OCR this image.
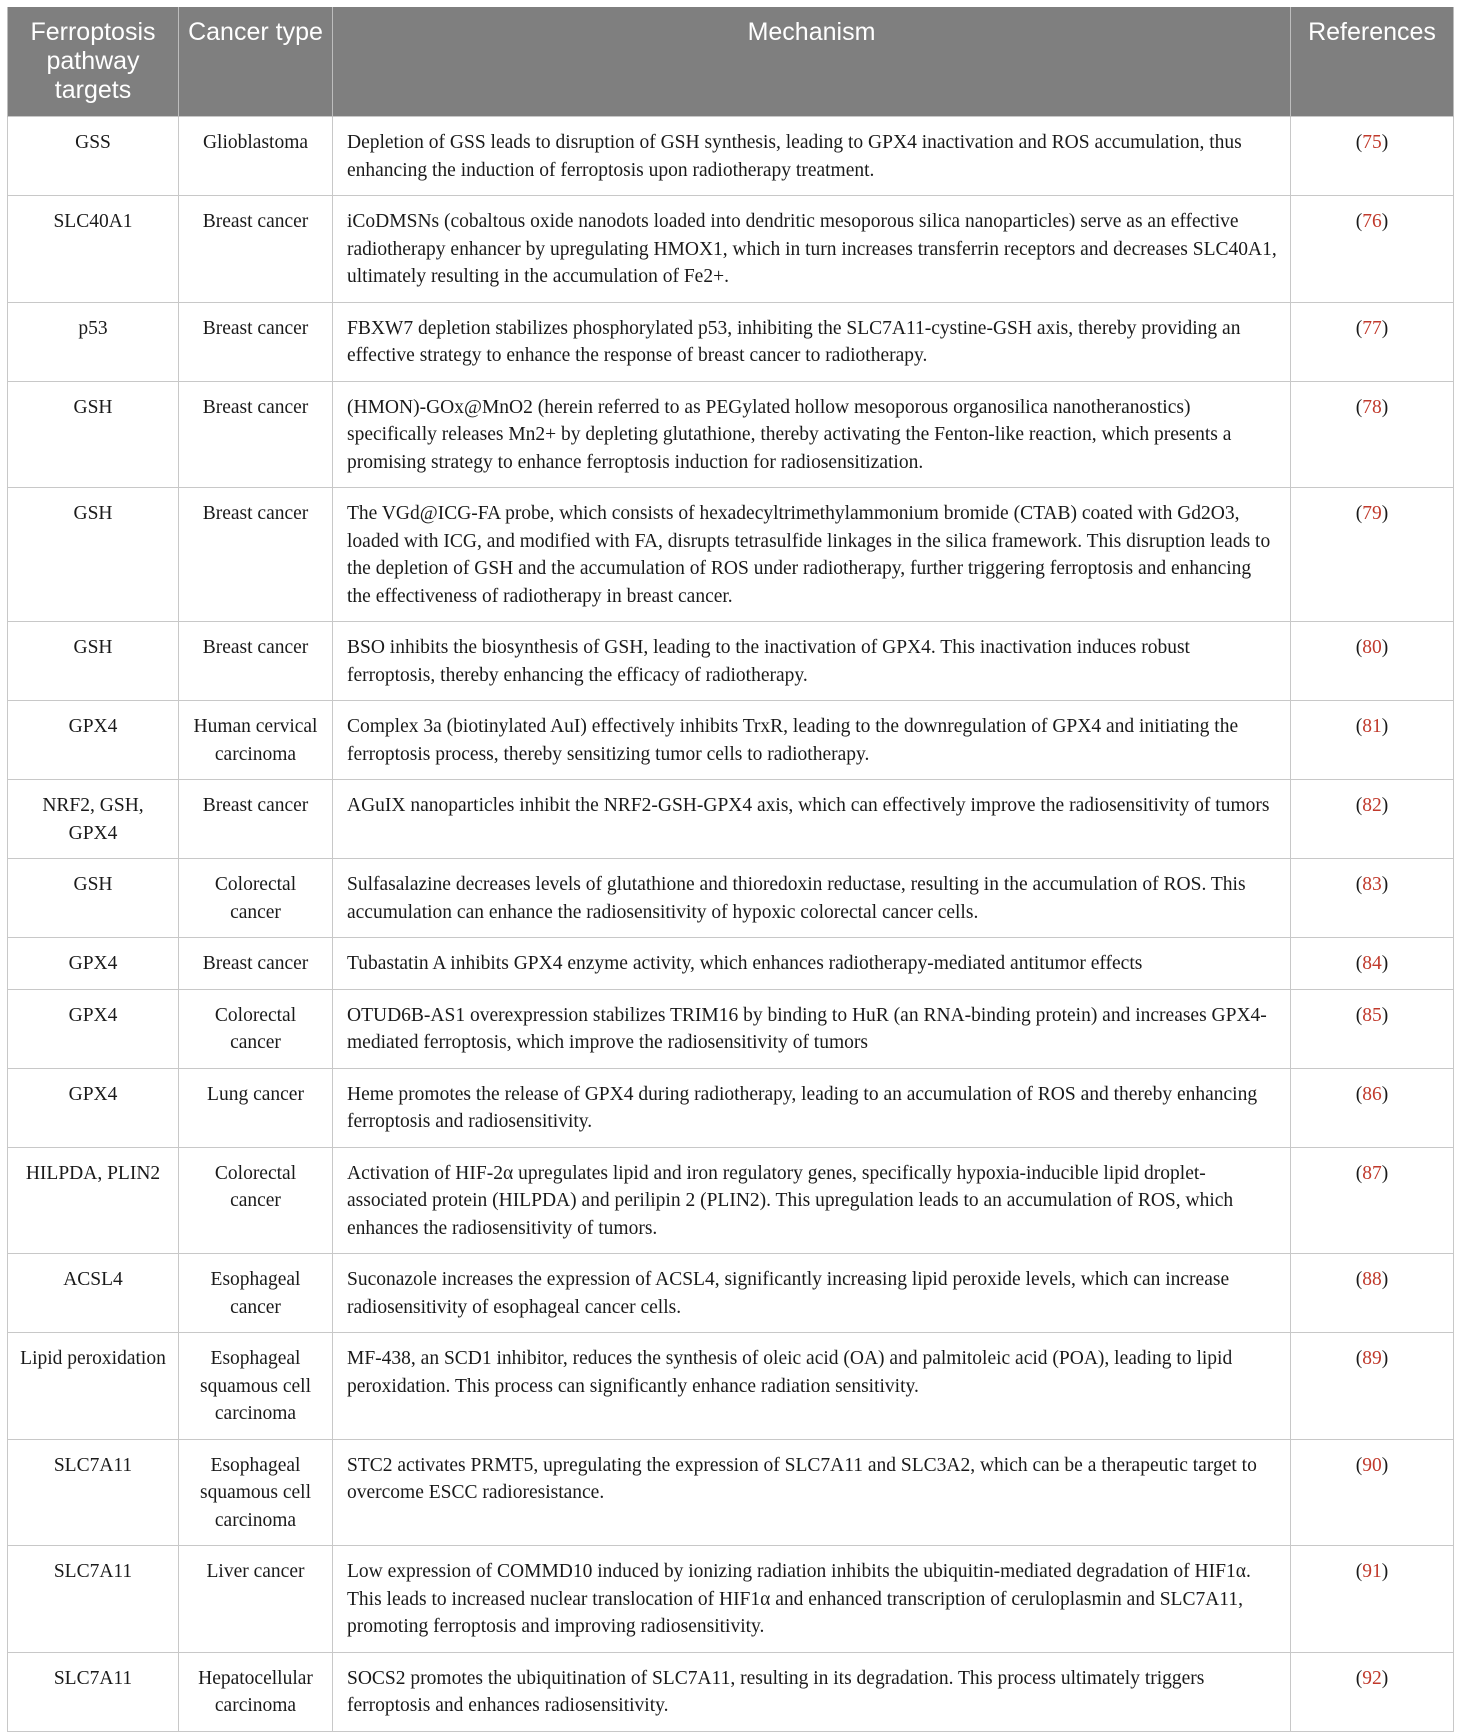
Ferroptosis pathway targets	Cancer type	Mechanism	References
GSS	Glioblastoma	Depletion of GSS leads to disruption of GSH synthesis, leading to GPX4 inactivation and ROS accumulation, thus enhancing the induction of ferroptosis upon radiotherapy treatment.	(75)
SLC40A1	Breast cancer	iCoDMSNs (cobaltous oxide nanodots loaded into dendritic mesoporous silica nanoparticles) serve as an effective radiotherapy enhancer by upregulating HMOX1, which in turn increases transferrin receptors and decreases SLC40A1, ultimately resulting in the accumulation of Fe2+.	(76)
p53	Breast cancer	FBXW7 depletion stabilizes phosphorylated p53, inhibiting the SLC7A11-cystine-GSH axis, thereby providing an effective strategy to enhance the response of breast cancer to radiotherapy.	(77)
GSH	Breast cancer	(HMON)-GOx@MnO2 (herein referred to as PEGylated hollow mesoporous organosilica nanotheranostics) specifically releases Mn2+ by depleting glutathione, thereby activating the Fenton-like reaction, which presents a promising strategy to enhance ferroptosis induction for radiosensitization.	(78)
GSH	Breast cancer	The VGd@ICG-FA probe, which consists of hexadecyltrimethylammonium bromide (CTAB) coated with Gd2O3, loaded with ICG, and modified with FA, disrupts tetrasulfide linkages in the silica framework. This disruption leads to the depletion of GSH and the accumulation of ROS under radiotherapy, further triggering ferroptosis and enhancing the effectiveness of radiotherapy in breast cancer.	(79)
GSH	Breast cancer	BSO inhibits the biosynthesis of GSH, leading to the inactivation of GPX4. This inactivation induces robust ferroptosis, thereby enhancing the efficacy of radiotherapy.	(80)
GPX4	Human cervical carcinoma	Complex 3a (biotinylated AuI) effectively inhibits TrxR, leading to the downregulation of GPX4 and initiating the ferroptosis process, thereby sensitizing tumor cells to radiotherapy.	(81)
NRF2, GSH, GPX4	Breast cancer	AGuIX nanoparticles inhibit the NRF2-GSH-GPX4 axis, which can effectively improve the radiosensitivity of tumors	(82)
GSH	Colorectal cancer	Sulfasalazine decreases levels of glutathione and thioredoxin reductase, resulting in the accumulation of ROS. This accumulation can enhance the radiosensitivity of hypoxic colorectal cancer cells.	(83)
GPX4	Breast cancer	Tubastatin A inhibits GPX4 enzyme activity, which enhances radiotherapy-mediated antitumor effects	(84)
GPX4	Colorectal cancer	OTUD6B-AS1 overexpression stabilizes TRIM16 by binding to HuR (an RNA-binding protein) and increases GPX4-mediated ferroptosis, which improve the radiosensitivity of tumors	(85)
GPX4	Lung cancer	Heme promotes the release of GPX4 during radiotherapy, leading to an accumulation of ROS and thereby enhancing ferroptosis and radiosensitivity.	(86)
HILPDA, PLIN2	Colorectal cancer	Activation of HIF-2α upregulates lipid and iron regulatory genes, specifically hypoxia-inducible lipid droplet-associated protein (HILPDA) and perilipin 2 (PLIN2). This upregulation leads to an accumulation of ROS, which enhances the radiosensitivity of tumors.	(87)
ACSL4	Esophageal cancer	Suconazole increases the expression of ACSL4, significantly increasing lipid peroxide levels, which can increase radiosensitivity of esophageal cancer cells.	(88)
Lipid peroxidation	Esophageal squamous cell carcinoma	MF-438, an SCD1 inhibitor, reduces the synthesis of oleic acid (OA) and palmitoleic acid (POA), leading to lipid peroxidation. This process can significantly enhance radiation sensitivity.	(89)
SLC7A11	Esophageal squamous cell carcinoma	STC2 activates PRMT5, upregulating the expression of SLC7A11 and SLC3A2, which can be a therapeutic target to overcome ESCC radioresistance.	(90)
SLC7A11	Liver cancer	Low expression of COMMD10 induced by ionizing radiation inhibits the ubiquitin-mediated degradation of HIF1α. This leads to increased nuclear translocation of HIF1α and enhanced transcription of ceruloplasmin and SLC7A11, promoting ferroptosis and improving radiosensitivity.	(91)
SLC7A11	Hepatocellular carcinoma	SOCS2 promotes the ubiquitination of SLC7A11, resulting in its degradation. This process ultimately triggers ferroptosis and enhances radiosensitivity.	(92)
